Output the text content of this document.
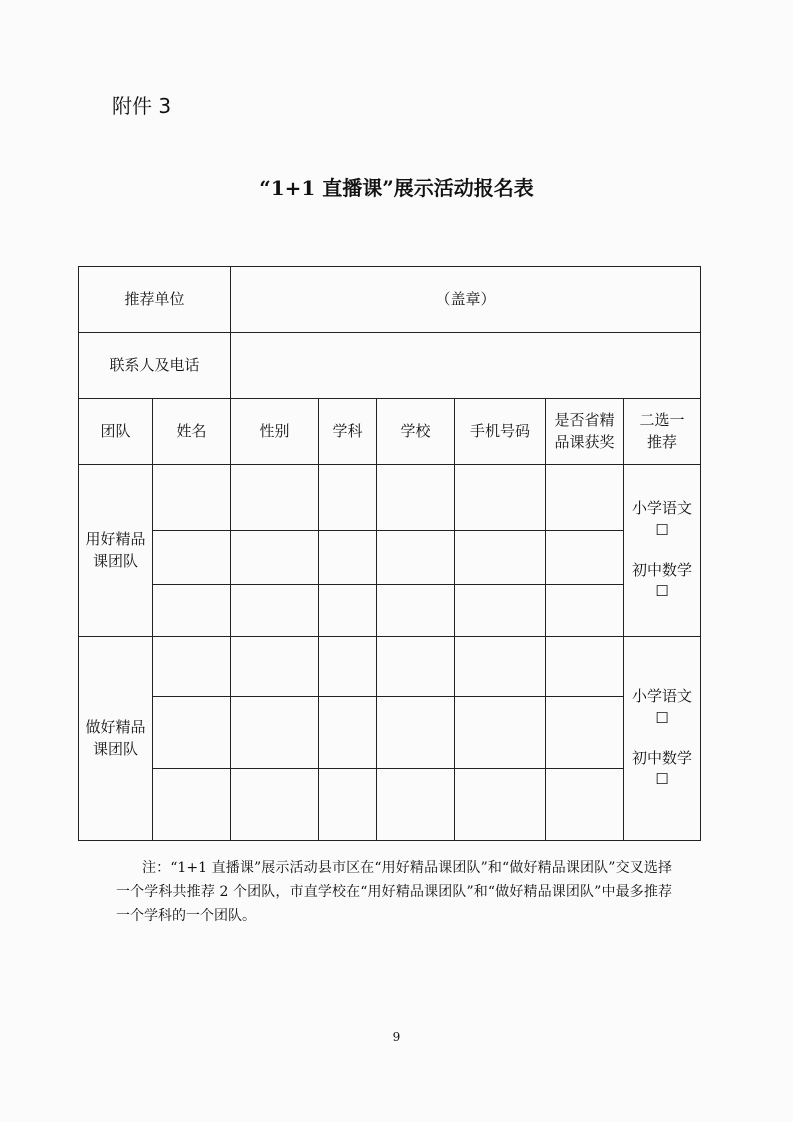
附件 3
“1+1 直播课”展示活动报名表
推荐单位		（盖章）					
联系人及电话							
团队	姓名	性别	学科	学校	手机号码	是否省精品课获奖	二选一推荐
用好精品课团队							小学语文
☐
初中数学
☐

做好精品课团队							小学语文
☐
初中数学
☐

注：“1+1 直播课”展示活动县市区在“用好精品课团队”和“做好精品课团队”交叉选择一个学科共推荐 2 个团队，市直学校在“用好精品课团队”和“做好精品课团队”中最多推荐一个学科的一个团队。
9
